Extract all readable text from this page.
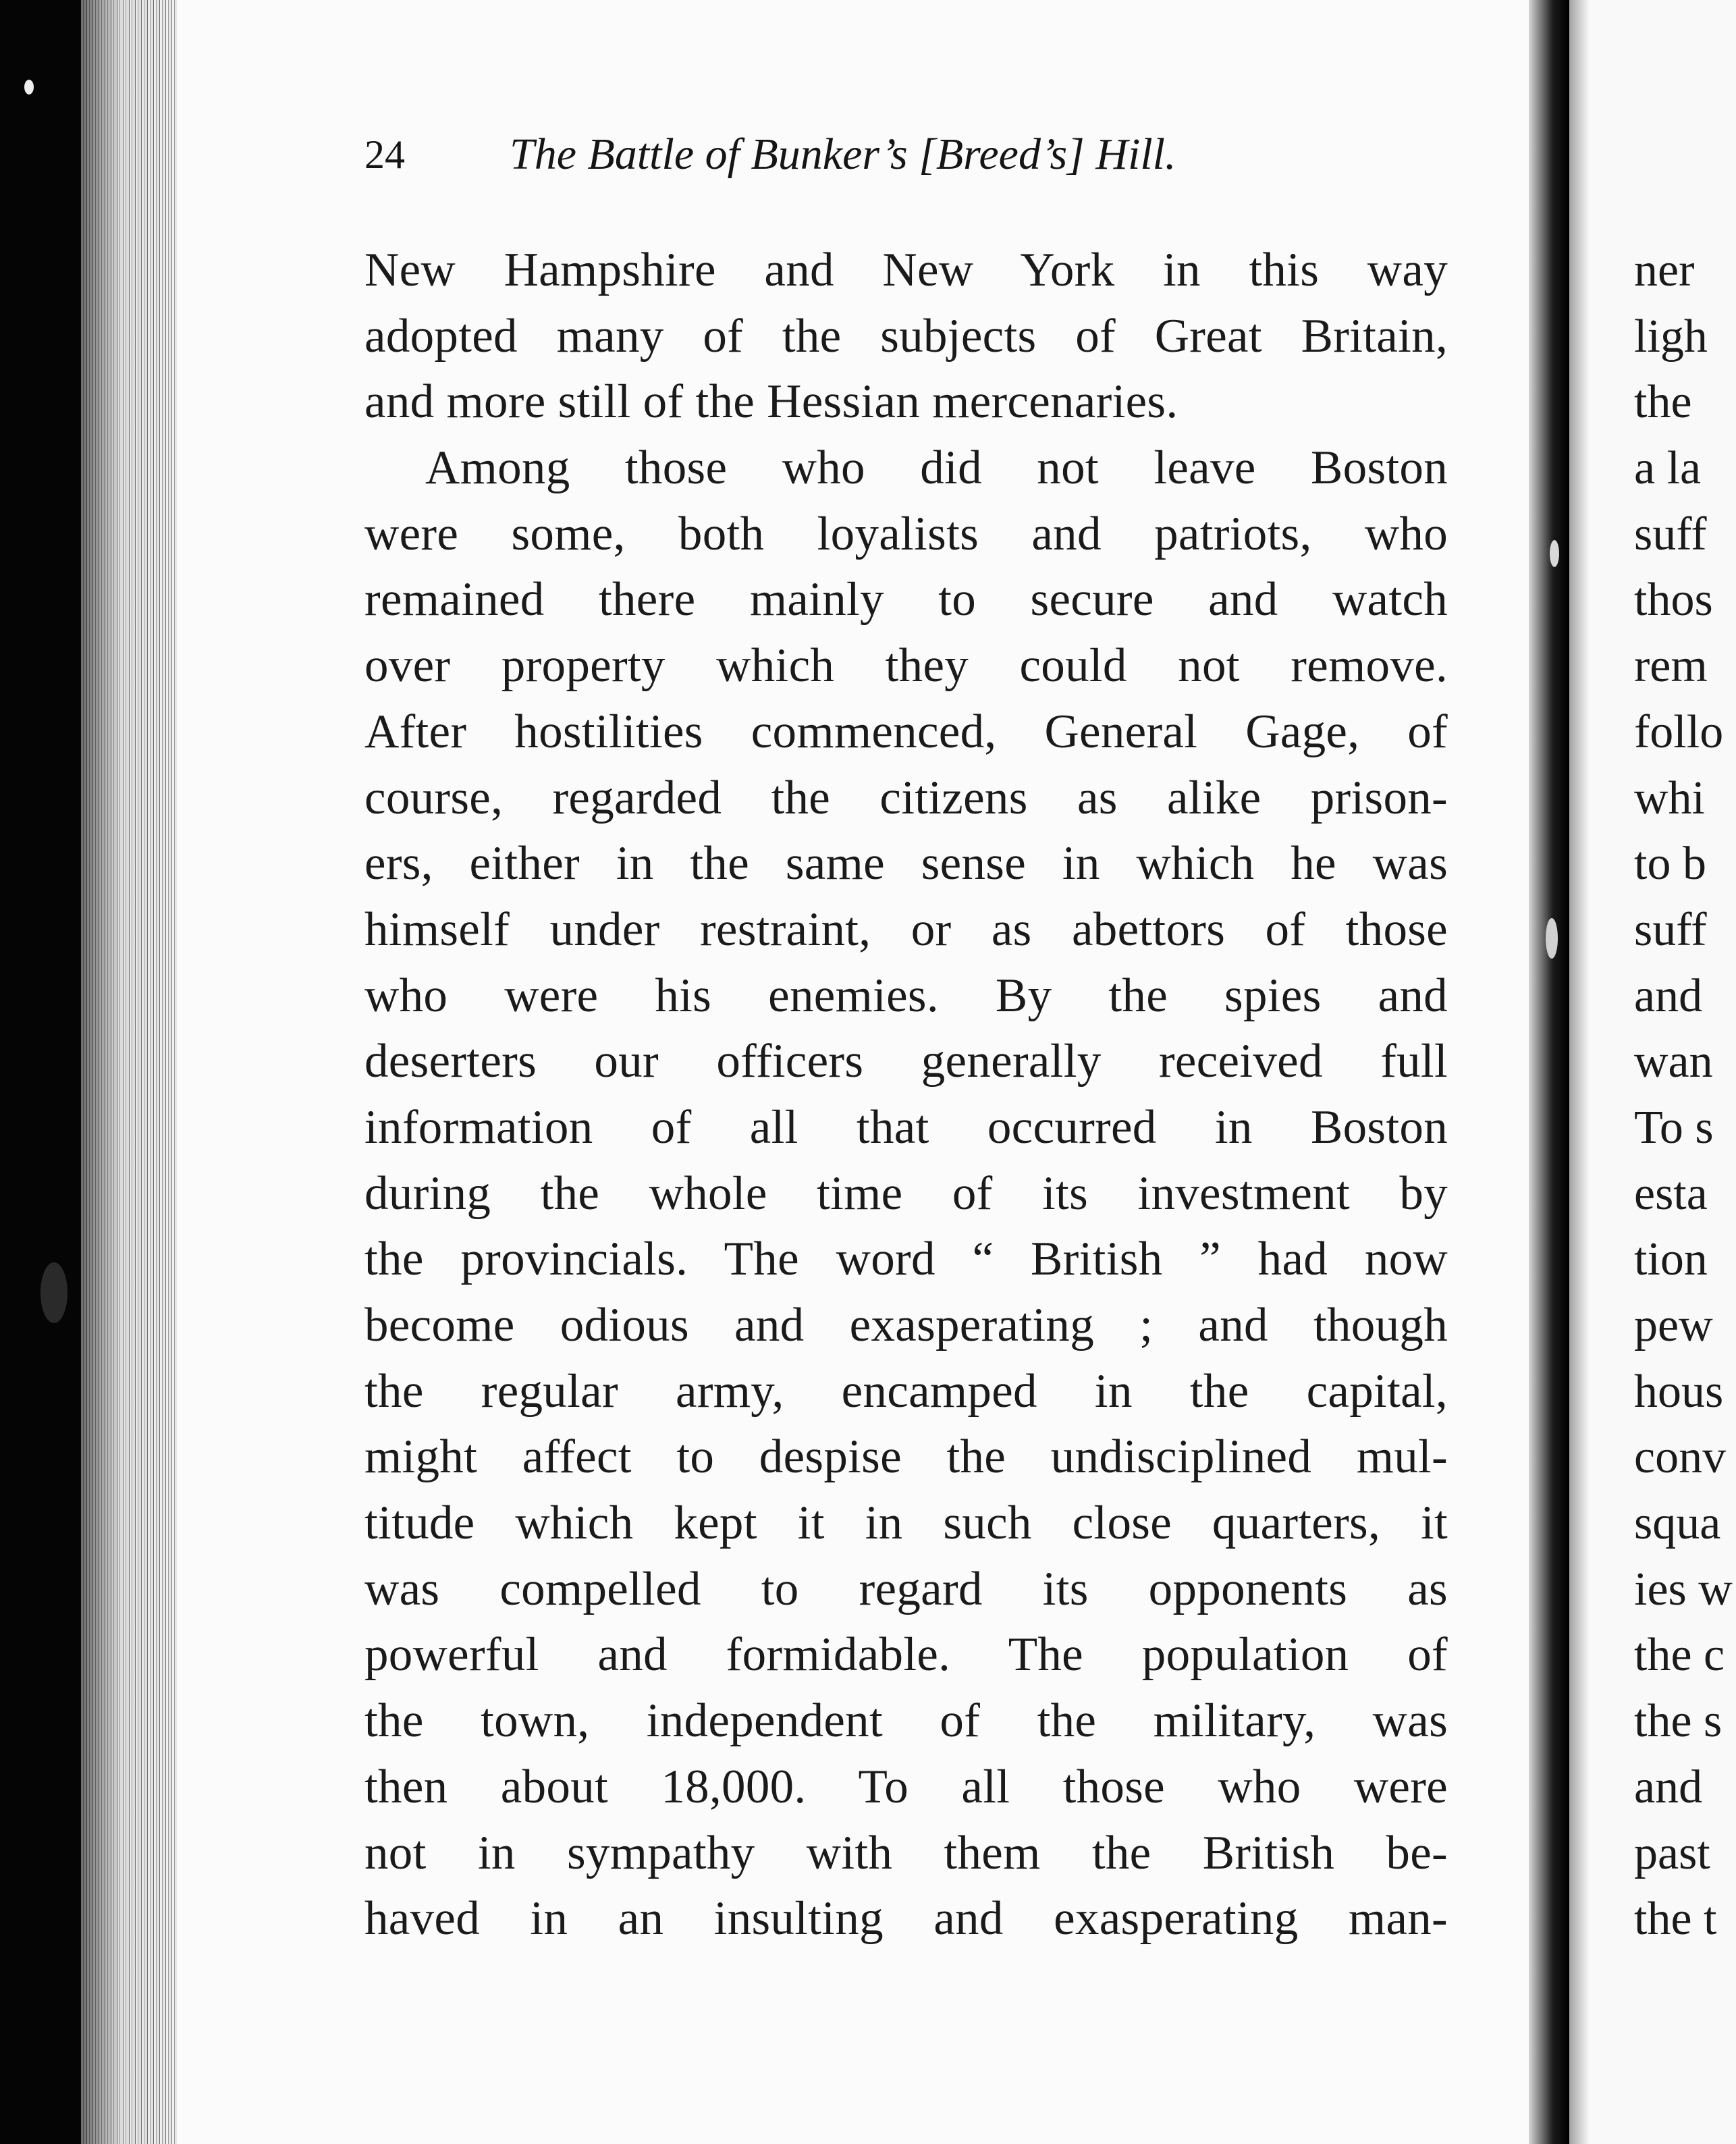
24 The Battle of Bunker’s [Breed’s] Hill.
New Hampshire and New York in this way
adopted many of the subjects of Great Britain,
and more still of the Hessian mercenaries.
Among those who did not leave Boston
were some, both loyalists and patriots, who
remained there mainly to secure and watch
over property which they could not remove.
After hostilities commenced, General Gage, of
course, regarded the citizens as alike prison-
ers, either in the same sense in which he was
himself under restraint, or as abettors of those
who were his enemies. By the spies and
deserters our officers generally received full
information of all that occurred in Boston
during the whole time of its investment by
the provincials. The word “ British ” had now
become odious and exasperating ; and though
the regular army, encamped in the capital,
might affect to despise the undisciplined mul-
titude which kept it in such close quarters, it
was compelled to regard its opponents as
powerful and formidable. The population of
the town, independent of the military, was
then about 18,000. To all those who were
not in sympathy with them the British be-
haved in an insulting and exasperating man-
ner
ligh
the
a la
suff
thos
rem
follo
whi
to b
suff
and
wan
To s
esta
tion
pew
hous
conv
squa
ies w
the c
the s
and
past
the t
